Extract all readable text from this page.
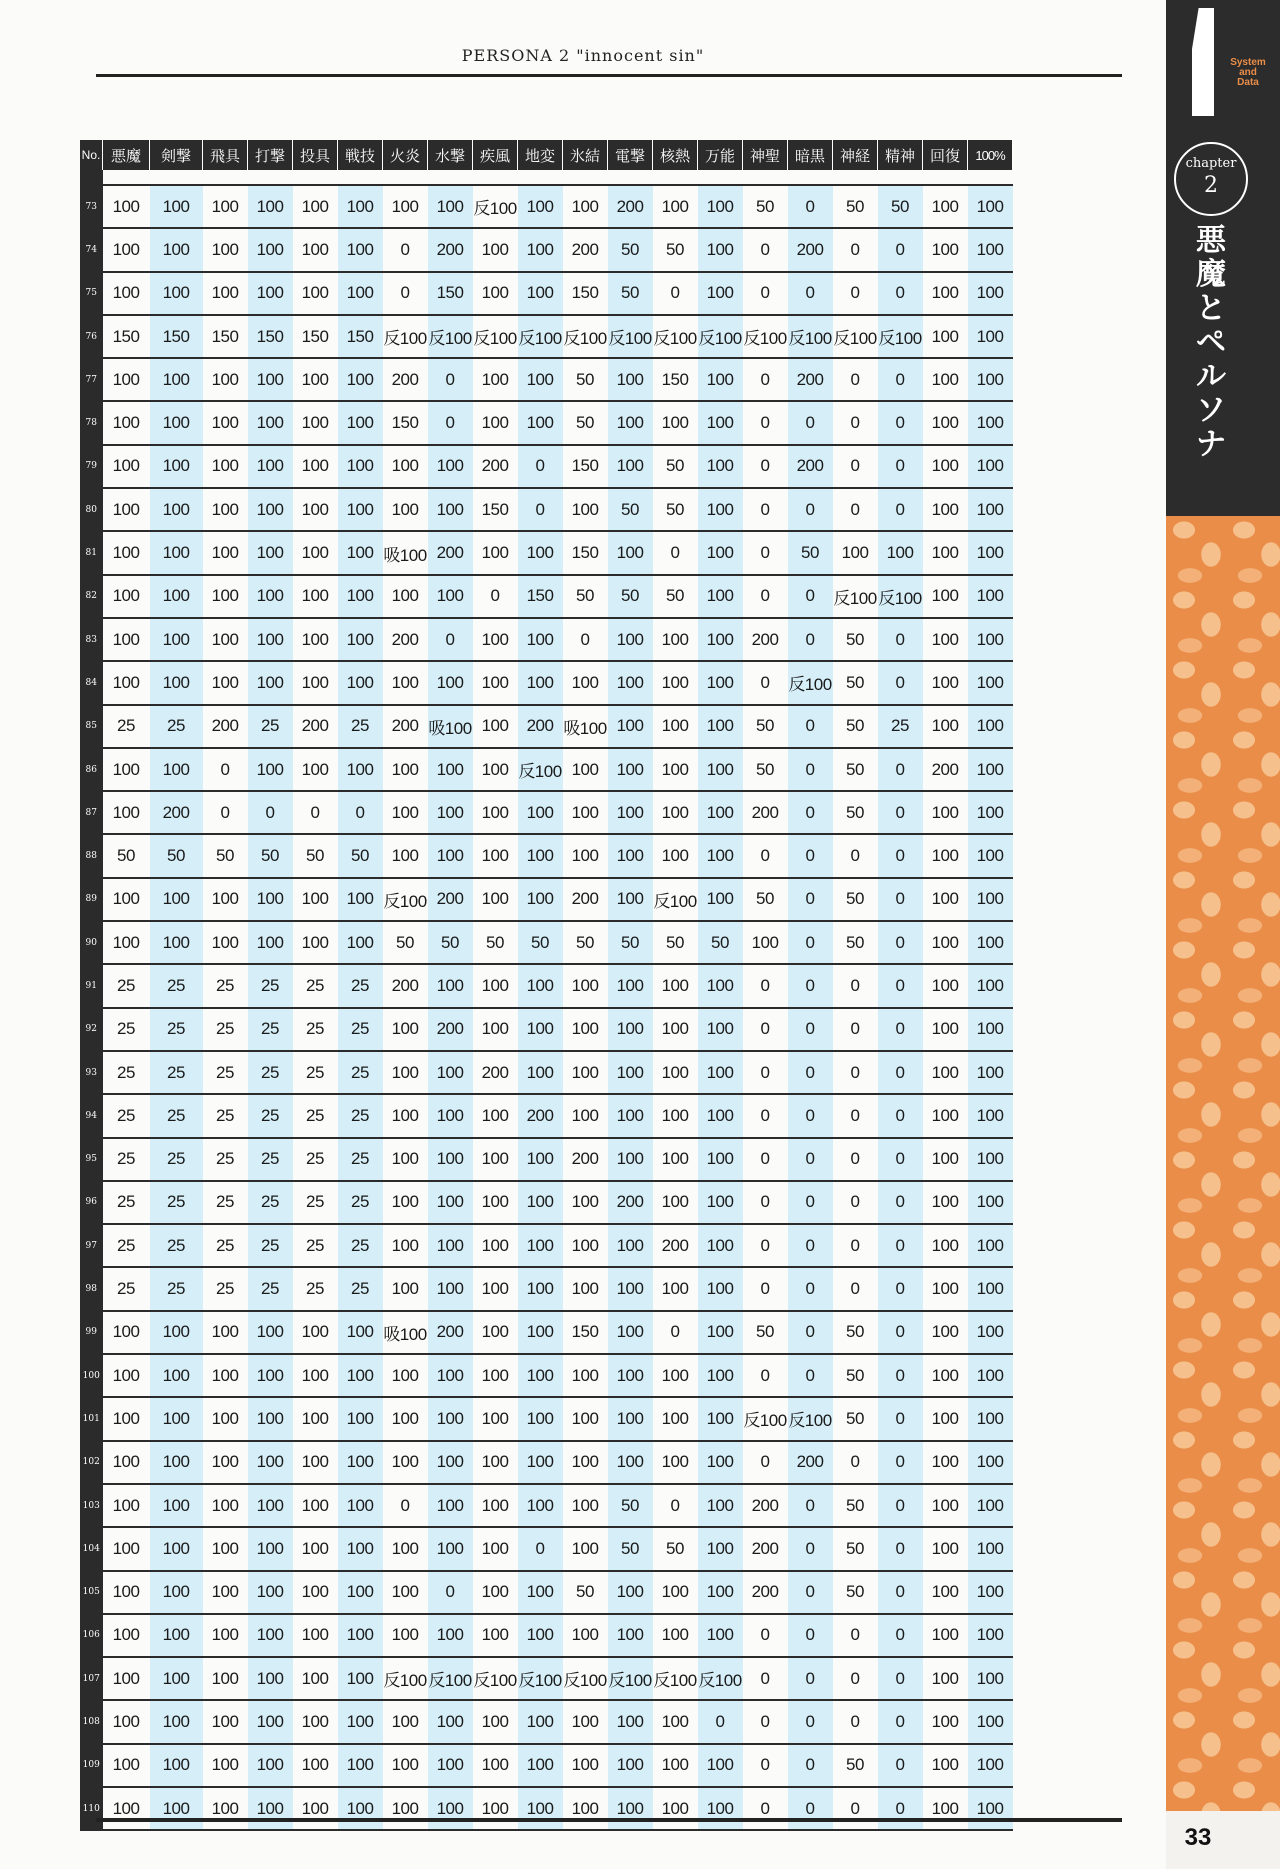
PERSONA 2 "innocent sin"
No.	悪魔	剣撃	飛具	打撃	投具	戦技	火炎	水撃	疾風	地変	氷結	電撃	核熱	万能	神聖	暗黒	神経	精神	回復	100%

73	100	100	100	100	100	100	100	100	反100	100	100	200	100	100	50	0	50	50	100	100
74	100	100	100	100	100	100	0	200	100	100	200	50	50	100	0	200	0	0	100	100
75	100	100	100	100	100	100	0	150	100	100	150	50	0	100	0	0	0	0	100	100
76	150	150	150	150	150	150	反100	反100	反100	反100	反100	反100	反100	反100	反100	反100	反100	反100	100	100
77	100	100	100	100	100	100	200	0	100	100	50	100	150	100	0	200	0	0	100	100
78	100	100	100	100	100	100	150	0	100	100	50	100	100	100	0	0	0	0	100	100
79	100	100	100	100	100	100	100	100	200	0	150	100	50	100	0	200	0	0	100	100
80	100	100	100	100	100	100	100	100	150	0	100	50	50	100	0	0	0	0	100	100
81	100	100	100	100	100	100	吸100	200	100	100	150	100	0	100	0	50	100	100	100	100
82	100	100	100	100	100	100	100	100	0	150	50	50	50	100	0	0	反100	反100	100	100
83	100	100	100	100	100	100	200	0	100	100	0	100	100	100	200	0	50	0	100	100
84	100	100	100	100	100	100	100	100	100	100	100	100	100	100	0	反100	50	0	100	100
85	25	25	200	25	200	25	200	吸100	100	200	吸100	100	100	100	50	0	50	25	100	100
86	100	100	0	100	100	100	100	100	100	反100	100	100	100	100	50	0	50	0	200	100
87	100	200	0	0	0	0	100	100	100	100	100	100	100	100	200	0	50	0	100	100
88	50	50	50	50	50	50	100	100	100	100	100	100	100	100	0	0	0	0	100	100
89	100	100	100	100	100	100	反100	200	100	100	200	100	反100	100	50	0	50	0	100	100
90	100	100	100	100	100	100	50	50	50	50	50	50	50	50	100	0	50	0	100	100
91	25	25	25	25	25	25	200	100	100	100	100	100	100	100	0	0	0	0	100	100
92	25	25	25	25	25	25	100	200	100	100	100	100	100	100	0	0	0	0	100	100
93	25	25	25	25	25	25	100	100	200	100	100	100	100	100	0	0	0	0	100	100
94	25	25	25	25	25	25	100	100	100	200	100	100	100	100	0	0	0	0	100	100
95	25	25	25	25	25	25	100	100	100	100	200	100	100	100	0	0	0	0	100	100
96	25	25	25	25	25	25	100	100	100	100	100	200	100	100	0	0	0	0	100	100
97	25	25	25	25	25	25	100	100	100	100	100	100	200	100	0	0	0	0	100	100
98	25	25	25	25	25	25	100	100	100	100	100	100	100	100	0	0	0	0	100	100
99	100	100	100	100	100	100	吸100	200	100	100	150	100	0	100	50	0	50	0	100	100
100	100	100	100	100	100	100	100	100	100	100	100	100	100	100	0	0	50	0	100	100
101	100	100	100	100	100	100	100	100	100	100	100	100	100	100	反100	反100	50	0	100	100
102	100	100	100	100	100	100	100	100	100	100	100	100	100	100	0	200	0	0	100	100
103	100	100	100	100	100	100	0	100	100	100	100	50	0	100	200	0	50	0	100	100
104	100	100	100	100	100	100	100	100	100	0	100	50	50	100	200	0	50	0	100	100
105	100	100	100	100	100	100	100	0	100	100	50	100	100	100	200	0	50	0	100	100
106	100	100	100	100	100	100	100	100	100	100	100	100	100	100	0	0	0	0	100	100
107	100	100	100	100	100	100	反100	反100	反100	反100	反100	反100	反100	反100	0	0	0	0	100	100
108	100	100	100	100	100	100	100	100	100	100	100	100	100	0	0	0	0	0	100	100
109	100	100	100	100	100	100	100	100	100	100	100	100	100	100	0	0	50	0	100	100
110	100	100	100	100	100	100	100	100	100	100	100	100	100	100	0	0	0	0	100	100
System
and
Data
chapter
2
悪魔とペルソナ
33
